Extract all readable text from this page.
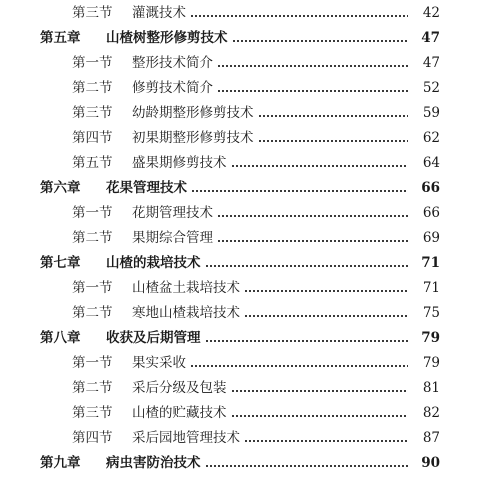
第三节	灌溉技术	42
第五章	山楂树整形修剪技术	47
第一节	整形技术简介	47
第二节	修剪技术简介	52
第三节	幼龄期整形修剪技术	59
第四节	初果期整形修剪技术	62
第五节	盛果期修剪技术	64
第六章	花果管理技术	66
第一节	花期管理技术	66
第二节	果期综合管理	69
第七章	山楂的栽培技术	71
第一节	山楂盆土栽培技术	71
第二节	寒地山楂栽培技术	75
第八章	收获及后期管理	79
第一节	果实采收	79
第二节	采后分级及包装	81
第三节	山楂的贮藏技术	82
第四节	采后园地管理技术	87
第九章	病虫害防治技术	90
